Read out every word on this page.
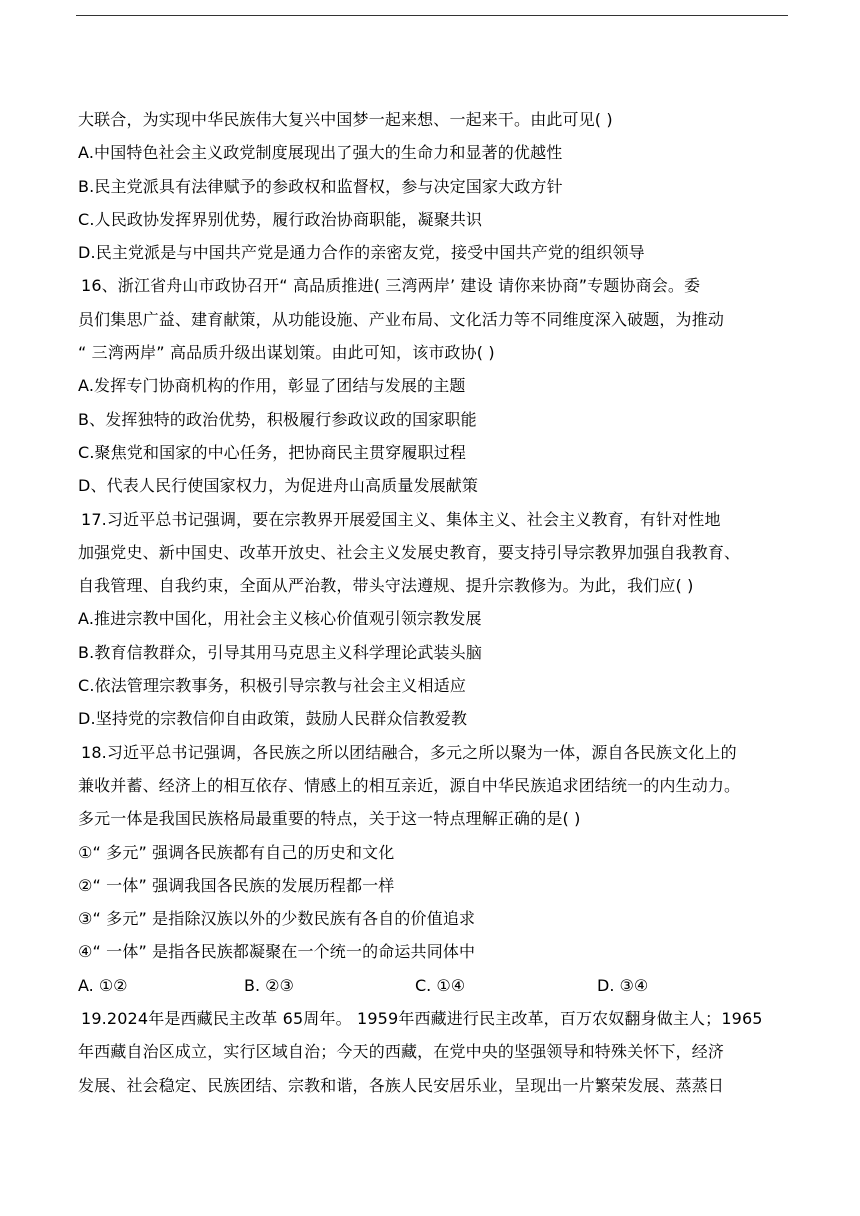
大联合，为实现中华民族伟大复兴中国梦一起来想、一起来干。由此可见( )
A.中国特色社会主义政党制度展现出了强大的生命力和显著的优越性
B.民主党派具有法律赋予的参政权和监督权，参与决定国家大政方针
C.人民政协发挥界别优势，履行政治协商职能，凝聚共识
D.民主党派是与中国共产党是通力合作的亲密友党，接受中国共产党的组织领导
16、浙江省舟山市政协召开“ 高品质推进( 三湾两岸’ 建设 请你来协商”专题协商会。委
员们集思广益、建育献策，从功能设施、产业布局、文化活力等不同维度深入破题，为推动
“ 三湾两岸” 高品质升级出谋划策。由此可知，该市政协( )
A.发挥专门协商机构的作用，彰显了团结与发展的主题
B、发挥独特的政治优势，积极履行参政议政的国家职能
C.聚焦党和国家的中心任务，把协商民主贯穿履职过程
D、代表人民行使国家权力，为促进舟山高质量发展献策
17.习近平总书记强调，要在宗教界开展爱国主义、集体主义、社会主义教育，有针对性地
加强党史、新中国史、改革开放史、社会主义发展史教育，要支持引导宗教界加强自我教育、
自我管理、自我约束，全面从严治教，带头守法遵规、提升宗教修为。为此，我们应( )
A.推进宗教中国化，用社会主义核心价值观引领宗教发展
B.教育信教群众，引导其用马克思主义科学理论武装头脑
C.依法管理宗教事务，积极引导宗教与社会主义相适应
D.坚持党的宗教信仰自由政策，鼓励人民群众信教爱教
18.习近平总书记强调，各民族之所以团结融合，多元之所以聚为一体，源自各民族文化上的
兼收并蓄、经济上的相互依存、情感上的相互亲近，源自中华民族追求团结统一的内生动力。
多元一体是我国民族格局最重要的特点，关于这一特点理解正确的是( )
①“ 多元” 强调各民族都有自己的历史和文化
②“ 一体” 强调我国各民族的发展历程都一样
③“ 多元” 是指除汉族以外的少数民族有各自的价值追求
④“ 一体” 是指各民族都凝聚在一个统一的命运共同体中
A. ①②	B. ②③	C. ①④	D. ③④
19.2024年是西藏民主改革 65周年。 1959年西藏进行民主改革，百万农奴翻身做主人；1965
年西藏自治区成立，实行区域自治；今天的西藏，在党中央的坚强领导和特殊关怀下，经济
发展、社会稳定、民族团结、宗教和谐，各族人民安居乐业，呈现出一片繁荣发展、蒸蒸日
